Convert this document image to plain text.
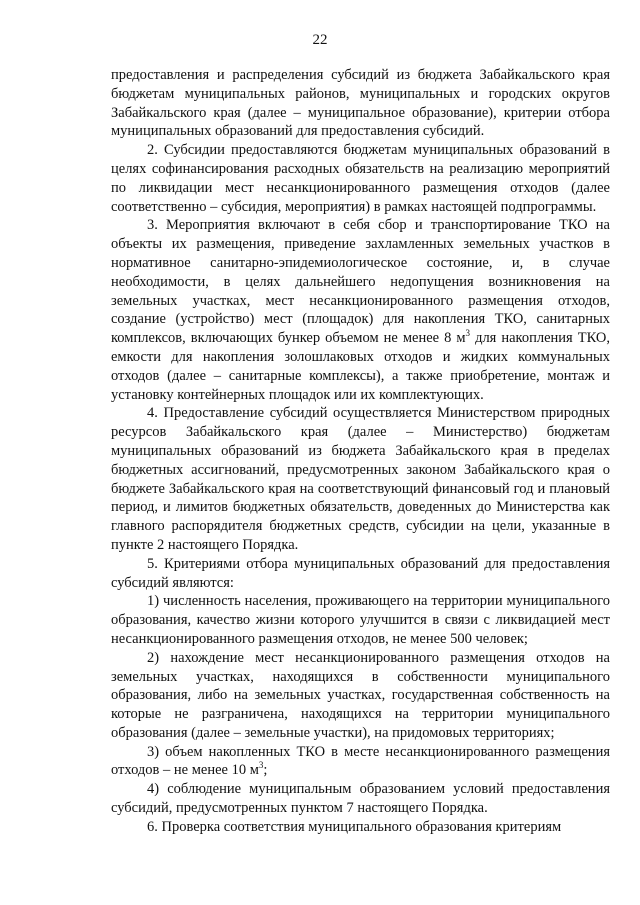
22

предоставления и распределения субсидий из бюджета Забайкальского края бюджетам муниципальных районов, муниципальных и городских округов Забайкальского края (далее – муниципальное образование), критерии отбора муниципальных образований для предоставления субсидий.

2. Субсидии предоставляются бюджетам муниципальных образований в целях софинансирования расходных обязательств на реализацию мероприятий по ликвидации мест несанкционированного размещения отходов (далее соответственно – субсидия, мероприятия) в рамках настоящей подпрограммы.

3. Мероприятия включают в себя сбор и транспортирование ТКО на объекты их размещения, приведение захламленных земельных участков в нормативное санитарно-эпидемиологическое состояние, и, в случае необходимости, в целях дальнейшего недопущения возникновения на земельных участках, мест несанкционированного размещения отходов, создание (устройство) мест (площадок) для накопления ТКО, санитарных комплексов, включающих бункер объемом не менее 8 $м^3$ для накопления ТКО, емкости для накопления золошлаковых отходов и жидких коммунальных отходов (далее – санитарные комплексы), а также приобретение, монтаж и установку контейнерных площадок или их комплектующих.

4. Предоставление субсидий осуществляется Министерством природных ресурсов Забайкальского края (далее – Министерство) бюджетам муниципальных образований из бюджета Забайкальского края в пределах бюджетных ассигнований, предусмотренных законом Забайкальского края о бюджете Забайкальского края на соответствующий финансовый год и плановый период, и лимитов бюджетных обязательств, доведенных до Министерства как главного распорядителя бюджетных средств, субсидии на цели, указанные в пункте 2 настоящего Порядка.

5. Критериями отбора муниципальных образований для предоставления субсидий являются:

1) численность населения, проживающего на территории муниципального образования, качество жизни которого улучшится в связи с ликвидацией мест несанкционированного размещения отходов, не менее 500 человек;

2) нахождение мест несанкционированного размещения отходов на земельных участках, находящихся в собственности муниципального образования, либо на земельных участках, государственная собственность на которые не разграничена, находящихся на территории муниципального образования (далее – земельные участки), на придомовых территориях;

3) объем накопленных ТКО в месте несанкционированного размещения отходов – не менее 10 $м^3$;

4) соблюдение муниципальным образованием условий предоставления субсидий, предусмотренных пунктом 7 настоящего Порядка.

6. Проверка соответствия муниципального образования критериям
